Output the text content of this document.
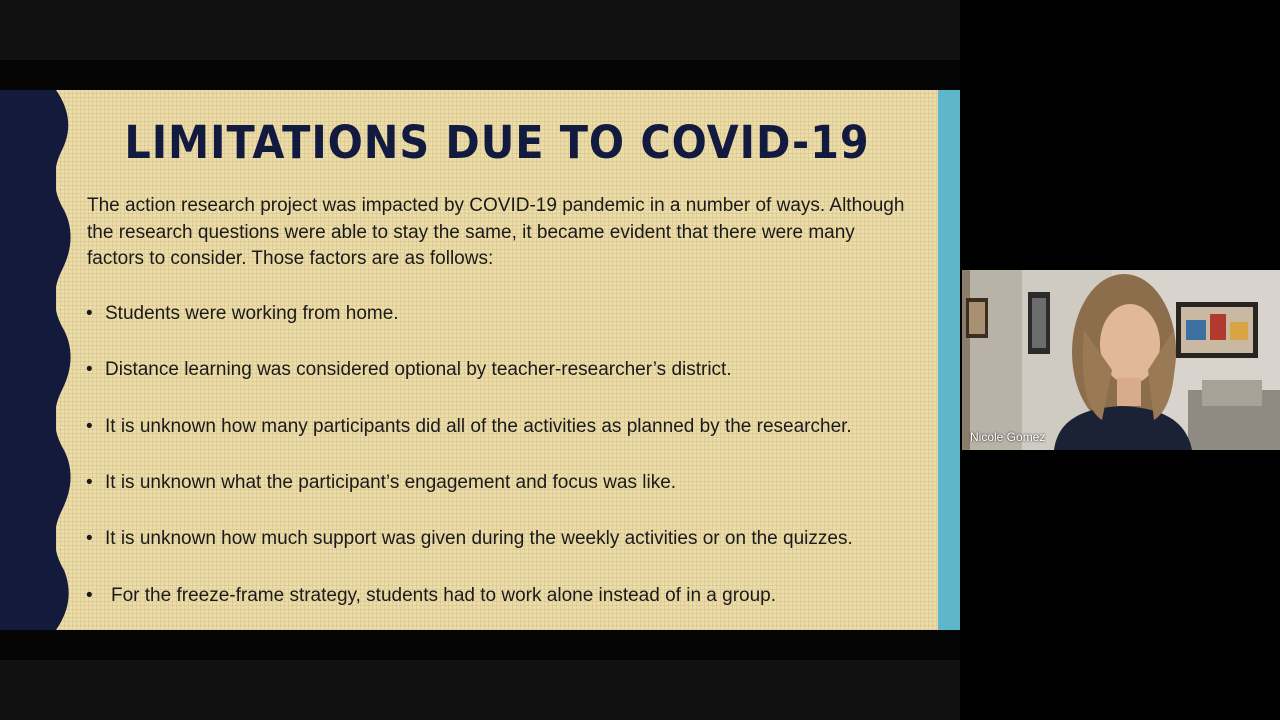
LIMITATIONS DUE TO COVID-19
The action research project was impacted by COVID-19 pandemic in a number of ways. Although the research questions were able to stay the same, it became evident that there were many factors to consider. Those factors are as follows:
• Students were working from home.
• Distance learning was considered optional by teacher-researcher’s district.
• It is unknown how many participants did all of the activities as planned by the researcher.
• It is unknown what the participant’s engagement and focus was like.
• It is unknown how much support was given during the weekly activities or on the quizzes.
• For the freeze-frame strategy, students had to work alone instead of in a group.
Nicole Gomez
